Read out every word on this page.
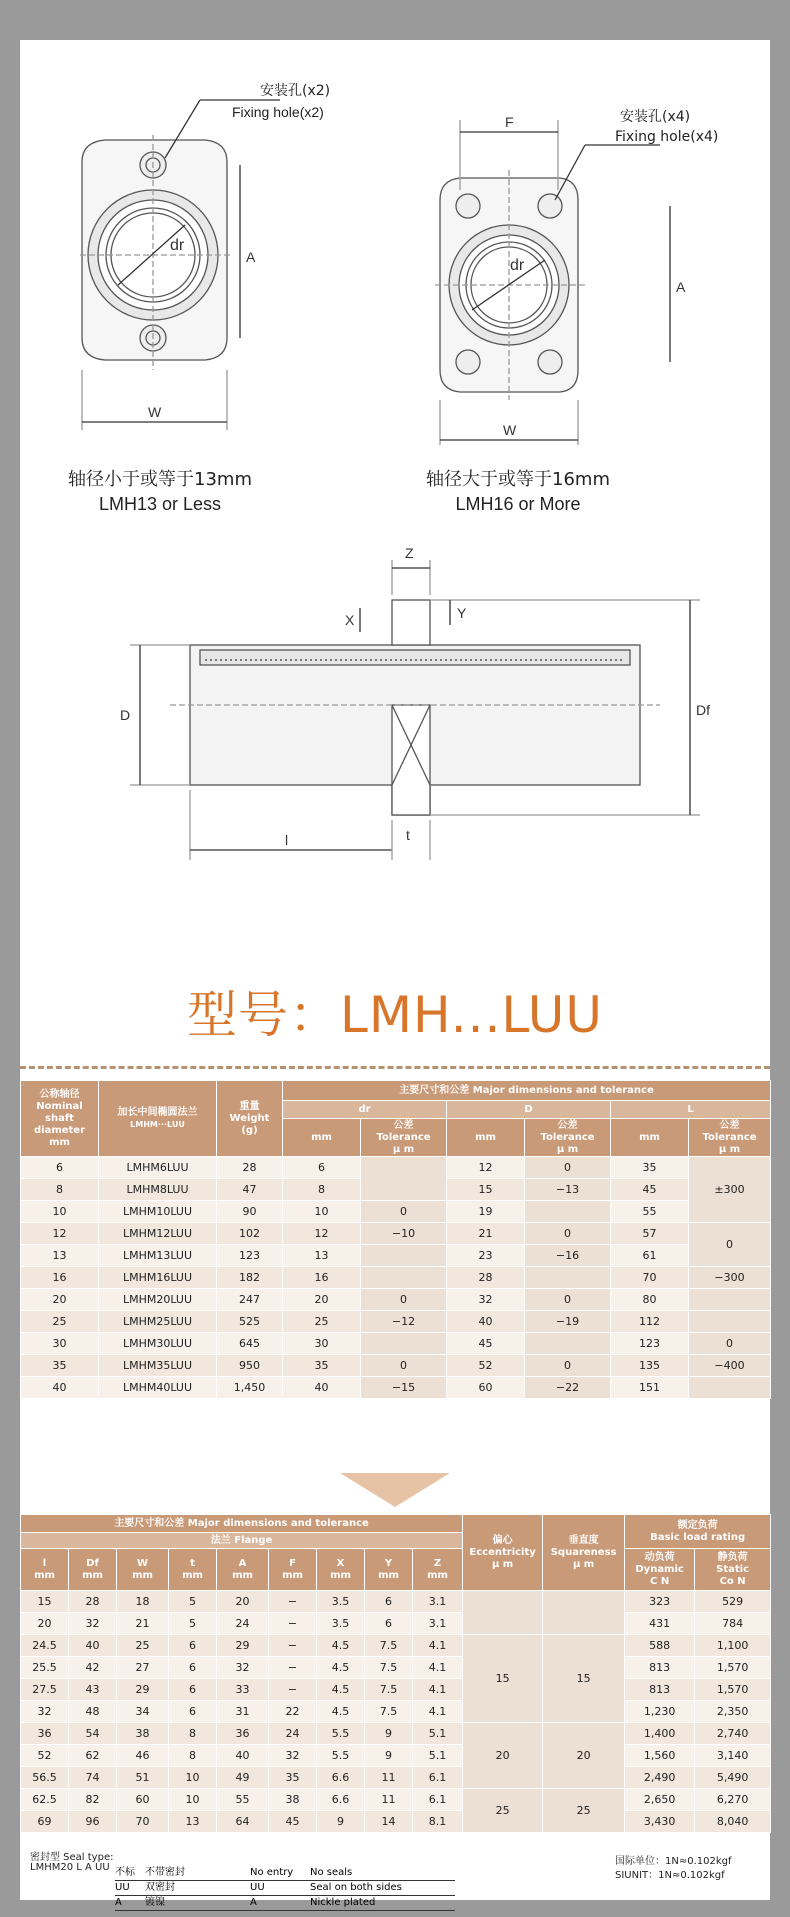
dr
A
W
安装孔(x2)
Fixing hole(x2)
dr
A
F
W
安装孔(x4)
Fixing hole(x4)
轴径小于或等于13mm
LMH13 or Less
轴径大于或等于16mm
LMH16 or More
Z
X	Y
D	Df
l	t
型号：LMH...LUU
公称轴径
Nominal shaft diameter
mm	加长中间椭圆法兰
LMHM···LUU	重量
Weight
(g)	主要尺寸和公差 Major dimensions and tolerance					
			dr		D		L	
			mm	公差
Tolerance
μ m	mm	公差
Tolerance
μ m	mm	公差
Tolerance
μ m
6	LMHM6LUU	28	6		12	0	35	±300
8	LMHM8LUU	47	8		15	−13	45	
10	LMHM10LUU	90	10	0	19		55	
12	LMHM12LUU	102	12	−10	21	0	57	0
13	LMHM13LUU	123	13		23	−16	61	
16	LMHM16LUU	182	16		28		70	−300
20	LMHM20LUU	247	20	0	32	0	80	
25	LMHM25LUU	525	25	−12	40	−19	112	
30	LMHM30LUU	645	30		45		123	0
35	LMHM35LUU	950	35	0	52	0	135	−400
40	LMHM40LUU	1,450	40	−15	60	−22	151	
主要尺寸和公差 Major dimensions and tolerance									偏心
Eccentricity
μ m	垂直度
Squareness
μ m	额定负荷
Basic load rating	
法兰 Flange												
l
mm	Df
mm	W
mm	t
mm	A
mm	F
mm	X
mm	Y
mm	Z
mm			动负荷
Dynamic
C N	静负荷
Static
Co N
15	28	18	5	20	−	3.5	6	3.1			323	529
20	32	21	5	24	−	3.5	6	3.1			431	784
24.5	40	25	6	29	−	4.5	7.5	4.1	15	15	588	1,100
25.5	42	27	6	32	−	4.5	7.5	4.1			813	1,570
27.5	43	29	6	33	−	4.5	7.5	4.1			813	1,570
32	48	34	6	31	22	4.5	7.5	4.1			1,230	2,350
36	54	38	8	36	24	5.5	9	5.1	20	20	1,400	2,740
52	62	46	8	40	32	5.5	9	5.1			1,560	3,140
56.5	74	51	10	49	35	6.6	11	6.1			2,490	5,490
62.5	82	60	10	55	38	6.6	11	6.1	25	25	2,650	6,270
69	96	70	13	64	45	9	14	8.1			3,430	8,040
密封型 Seal type:
LMHM20 L A UU 不标	不带密封	No entry	No seals
UU	双密封	UU	Seal on both sides
A	镀镍	A	Nickle plated
国际单位：1N≈0.102kgf
SIUNIT：1N≈0.102kgf
